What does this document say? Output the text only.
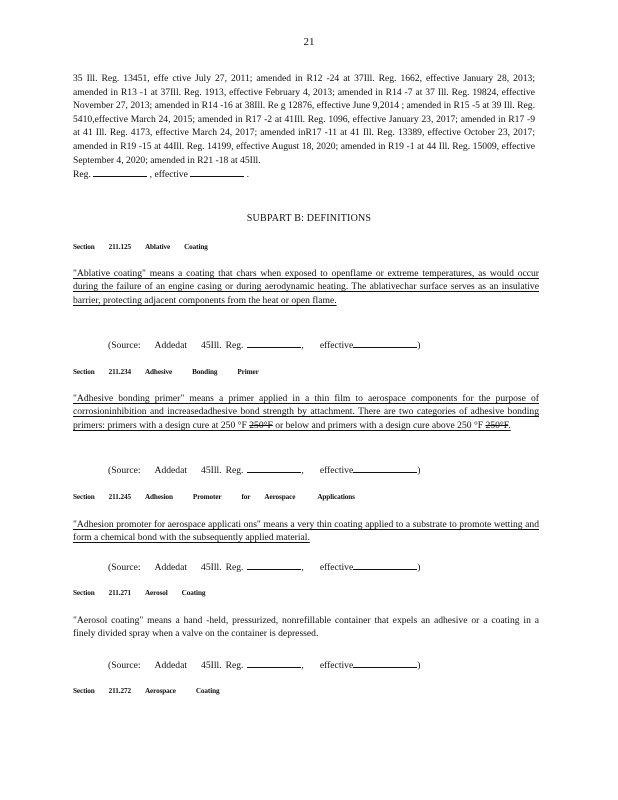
21
35 Ill. Reg. 13451, effe ctive July 27, 2011; amended in R12 -24 at 37Ill. Reg. 1662, effective January 28, 2013; amended in R13 -1 at 37Ill. Reg. 1913, effective February 4, 2013; amended in R14 -7 at 37 Ill. Reg. 19824, effective November 27, 2013; amended in R14 -16 at 38Ill. Re g 12876, effective June 9,2014 ; amended in R15 -5 at 39 Ill. Reg. 5410,effective March 24, 2015; amended in R17 -2 at 41Ill. Reg. 1096, effective January 23, 2017; amended in R17 -9 at 41 Ill. Reg. 4173, effective March 24, 2017; amended inR17 -11 at 41 Ill. Reg. 13389, effective October 23, 2017; amended in R19 -15 at 44Ill. Reg. 14199, effective August 18, 2020; amended in R19 -1 at 44 Ill. Reg. 15009, effective September 4, 2020; amended in R21 -18 at 45Ill.
Reg.	, effective	.
SUBPART B: DEFINITIONS
Section 211.125 Ablative Coating
"Ablative coating" means a coating that chars when exposed to openflame or extreme temperatures, as would occur during the failure of an engine casing or during aerodynamic heating. The ablativechar surface serves as an insulative barrier, protecting adjacent components from the heat or open flame.
(Source: Addedat 45Ill. Reg.	, effective	)
Section 211.234 Adhesive	Bonding	Primer
"Adhesive bonding primer" means a primer applied in a thin film to aerospace components for the purpose of corrosioninhibition and increasedadhesive bond strength by attachment. There are two categories of adhesive bonding primers: primers with a design cure at 250 °F 250°F or below and primers with a design cure above 250 °F 250°F.
(Source: Addedat 45Ill. Reg.	, effective	)
Section 211.245 Adhesion	Promoter	for Aerospace	Applications
"Adhesion promoter for aerospace applicati ons" means a very thin coating applied to a substrate to promote wetting and form a chemical bond with the subsequently applied material.
(Source: Addedat 45Ill. Reg.	, effective	)
Section 211.271 Aerosol Coating
"Aerosol coating" means a hand -held, pressurized, nonrefillable container that expels an adhesive or a coating in a finely divided spray when a valve on the container is depressed.
(Source: Addedat 45Ill. Reg.	, effective	)
Section 211.272 Aerospace	Coating
